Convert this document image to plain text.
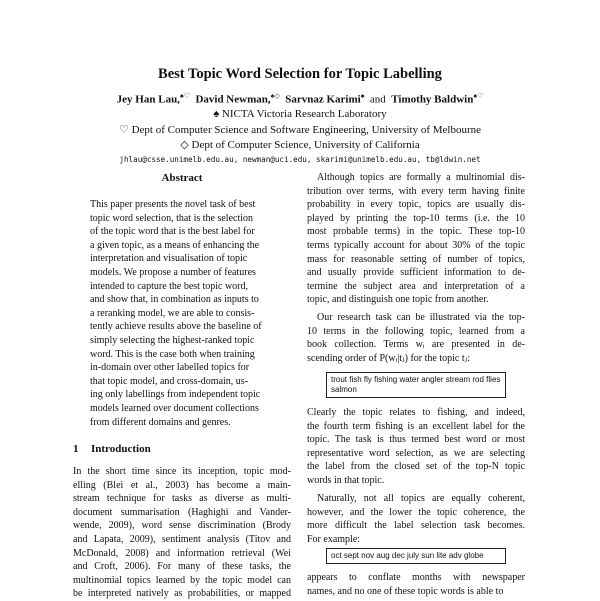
Best Topic Word Selection for Topic Labelling
Jey Han Lau,♠♡ David Newman,♠◇ Sarvnaz Karimi♠ and Timothy Baldwin♠♡
♠ NICTA Victoria Research Laboratory
♡ Dept of Computer Science and Software Engineering, University of Melbourne
◇ Dept of Computer Science, University of California
jhlau@csse.unimelb.edu.au, newman@uci.edu, skarimi@unimelb.edu.au, tb@ldwin.net
Abstract
This paper presents the novel task of best
topic word selection, that is the selection
of the topic word that is the best label for
a given topic, as a means of enhancing the
interpretation and visualisation of topic
models. We propose a number of features
intended to capture the best topic word,
and show that, in combination as inputs to
a reranking model, we are able to consis-
tently achieve results above the baseline of
simply selecting the highest-ranked topic
word. This is the case both when training
in-domain over other labelled topics for
that topic model, and cross-domain, us-
ing only labellings from independent topic
models learned over document collections
from different domains and genres.
1 Introduction
In the short time since its inception, topic mod-
elling (Blei et al., 2003) has become a main-
stream technique for tasks as diverse as multi-
document summarisation (Haghighi and Vander-
wende, 2009), word sense discrimination (Brody
and Lapata, 2009), sentiment analysis (Titov and
McDonald, 2008) and information retrieval (Wei
and Croft, 2006). For many of these tasks, the
multinomial topics learned by the topic model can
be interpreted natively as probabilities, or mapped
Although topics are formally a multinomial dis-
tribution over terms, with every term having finite
probability in every topic, topics are usually dis-
played by printing the top-10 terms (i.e. the 10
most probable terms) in the topic. These top-10
terms typically account for about 30% of the topic
mass for reasonable setting of number of topics,
and usually provide sufficient information to de-
termine the subject area and interpretation of a
topic, and distinguish one topic from another.
Our research task can be illustrated via the top-
10 terms in the following topic, learned from a
book collection. Terms wᵢ are presented in de-
scending order of P(wᵢ|tⱼ) for the topic tⱼ:
trout fish fly fishing water angler stream rod flies salmon
Clearly the topic relates to fishing, and indeed,
the fourth term fishing is an excellent label for the
topic. The task is thus termed best word or most
representative word selection, as we are selecting
the label from the closed set of the top-N topic
words in that topic.
Naturally, not all topics are equally coherent,
however, and the lower the topic coherence, the
more difficult the label selection task becomes.
For example:
oct sept nov aug dec july sun lite adv globe
appears to conflate months with newspaper
names, and no one of these topic words is able to
